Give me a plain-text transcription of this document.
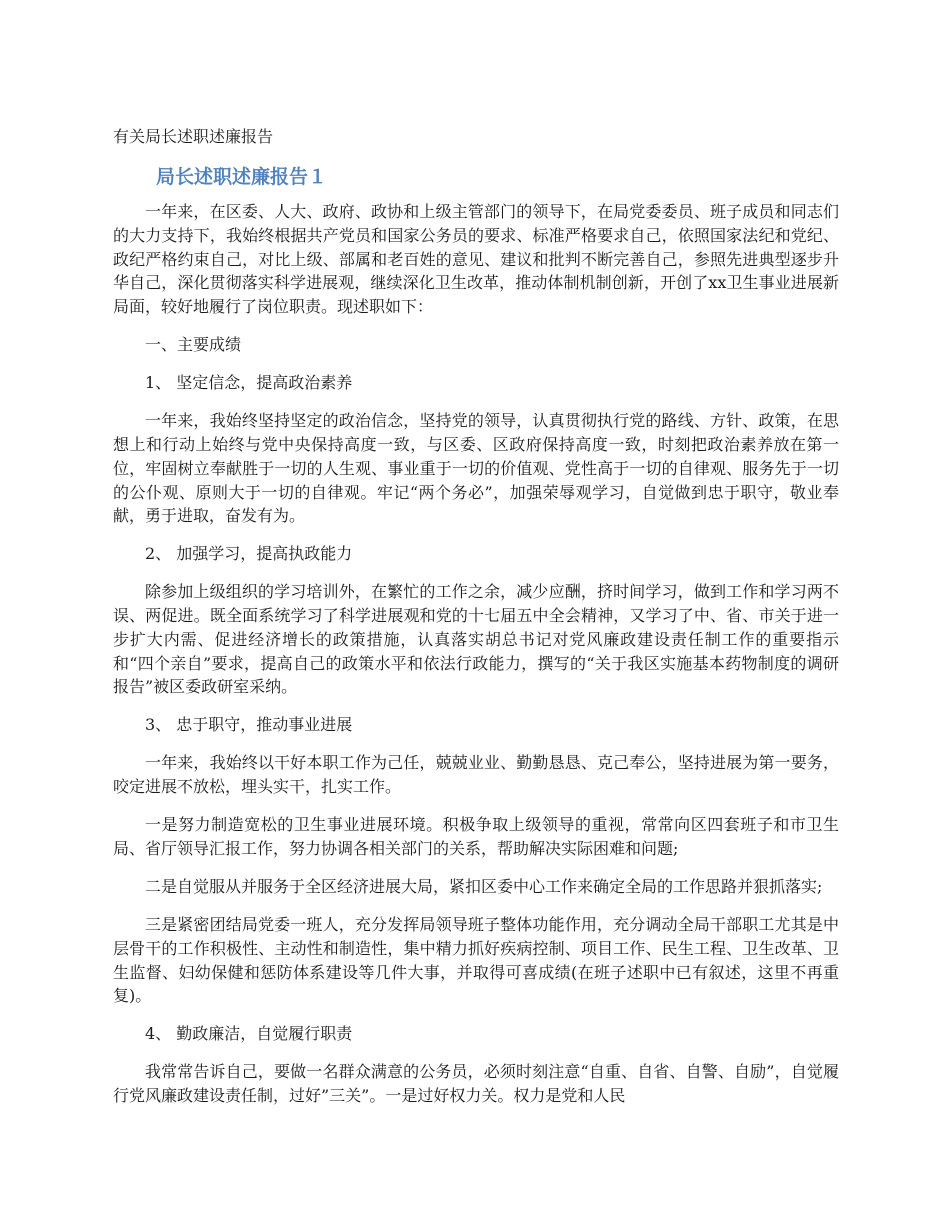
有关局长述职述廉报告
局长述职述廉报告１

一年来，在区委、人大、政府、政协和上级主管部门的领导下，在局党委委员、班子成员和同志们的大力支持下，我始终根据共产党员和国家公务员的要求、标准严格要求自己，依照国家法纪和党纪、政纪严格约束自己，对比上级、部属和老百姓的意见、建议和批判不断完善自己，参照先进典型逐步升华自己，深化贯彻落实科学进展观，继续深化卫生改革，推动体制机制创新，开创了xx卫生事业进展新局面，较好地履行了岗位职责。现述职如下：

一、主要成绩

1、 坚定信念，提高政治素养

一年来，我始终坚持坚定的政治信念，坚持党的领导，认真贯彻执行党的路线、方针、政策，在思想上和行动上始终与党中央保持高度一致，与区委、区政府保持高度一致，时刻把政治素养放在第一位，牢固树立奉献胜于一切的人生观、事业重于一切的价值观、党性高于一切的自律观、服务先于一切的公仆观、原则大于一切的自律观。牢记“两个务必”，加强荣辱观学习，自觉做到忠于职守，敬业奉献，勇于进取，奋发有为。

2、 加强学习，提高执政能力

除参加上级组织的学习培训外，在繁忙的工作之余，减少应酬，挤时间学习，做到工作和学习两不误、两促进。既全面系统学习了科学进展观和党的十七届五中全会精神，又学习了中、省、市关于进一步扩大内需、促进经济增长的政策措施，认真落实胡总书记对党风廉政建设责任制工作的重要指示和“四个亲自”要求，提高自己的政策水平和依法行政能力，撰写的“关于我区实施基本药物制度的调研报告”被区委政研室采纳。

3、 忠于职守，推动事业进展

一年来，我始终以干好本职工作为己任，兢兢业业、勤勤恳恳、克己奉公，坚持进展为第一要务，咬定进展不放松，埋头实干，扎实工作。

一是努力制造宽松的卫生事业进展环境。积极争取上级领导的重视，常常向区四套班子和市卫生局、省厅领导汇报工作，努力协调各相关部门的关系，帮助解决实际困难和问题;

二是自觉服从并服务于全区经济进展大局，紧扣区委中心工作来确定全局的工作思路并狠抓落实;

三是紧密团结局党委一班人，充分发挥局领导班子整体功能作用，充分调动全局干部职工尤其是中层骨干的工作积极性、主动性和制造性，集中精力抓好疾病控制、项目工作、民生工程、卫生改革、卫生监督、妇幼保健和惩防体系建设等几件大事，并取得可喜成绩(在班子述职中已有叙述，这里不再重复)。

4、 勤政廉洁，自觉履行职责

我常常告诉自己，要做一名群众满意的公务员，必须时刻注意“自重、自省、自警、自励”，自觉履行党风廉政建设责任制，过好”三关”。一是过好权力关。权力是党和人民
